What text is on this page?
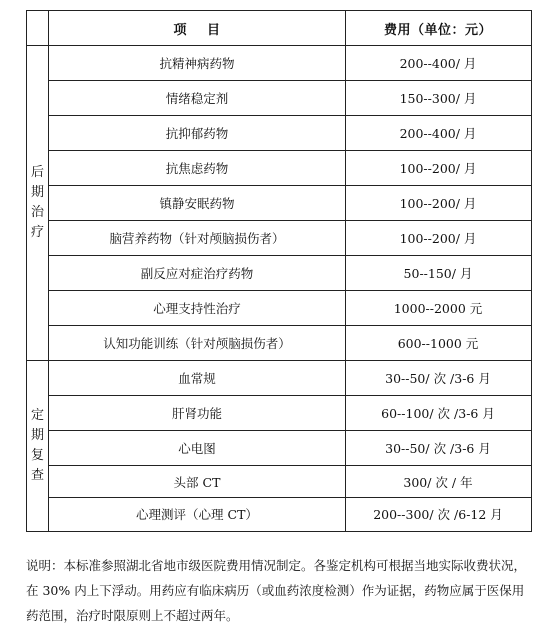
项    目	费用（单位：元）
后
期
治
疗
抗精神病药物	200--400/ 月
情绪稳定剂	150--300/ 月
抗抑郁药物	200--400/ 月
抗焦虑药物	100--200/ 月
镇静安眠药物	100--200/ 月
脑营养药物（针对颅脑损伤者）	100--200/ 月
副反应对症治疗药物	50--150/ 月
心理支持性治疗	1000--2000 元
认知功能训练（针对颅脑损伤者）	600--1000 元
定
期
复
查
血常规	30--50/ 次 /3-6 月
肝肾功能	60--100/ 次 /3-6 月
心电图	30--50/ 次 /3-6 月
头部 CT	300/ 次 / 年
心理测评（心理 CT）	200--300/ 次 /6-12 月
说明：本标准参照湖北省地市级医院费用情况制定。各鉴定机构可根据当地实际收费状况，在 30% 内上下浮动。用药应有临床病历（或血药浓度检测）作为证据，药物应属于医保用药范围，治疗时限原则上不超过两年。
